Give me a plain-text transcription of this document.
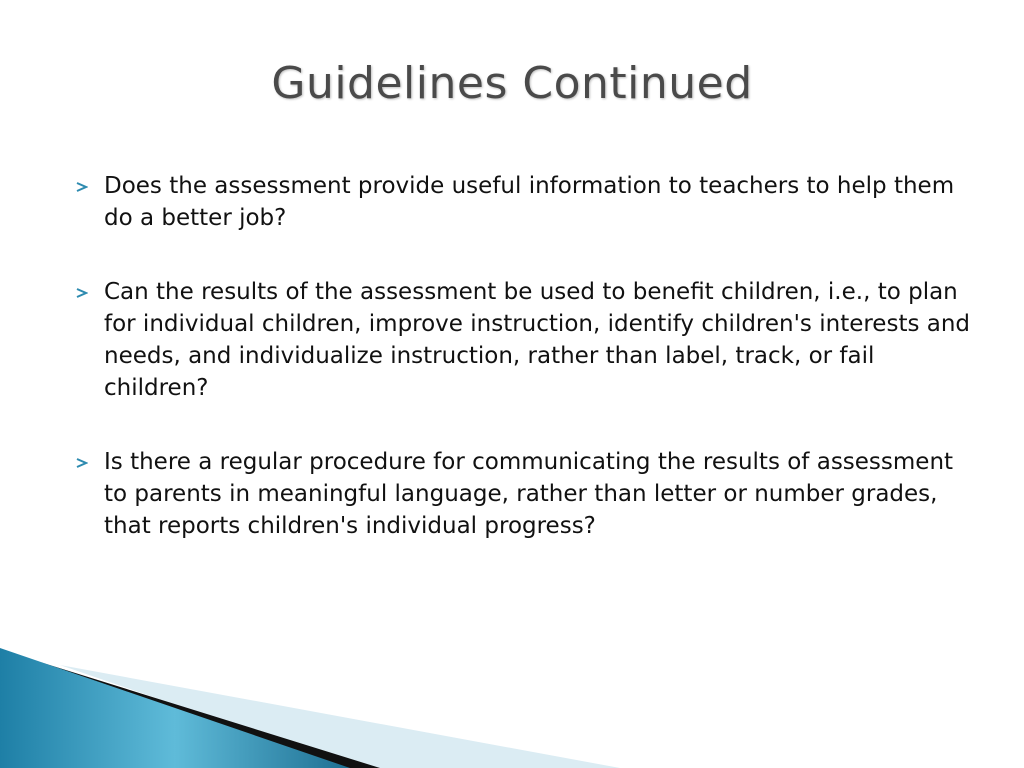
Guidelines Continued
Does the assessment provide useful information to teachers to help them do a better job?
Can the results of the assessment be used to benefit children, i.e., to plan for individual children, improve instruction, identify children's interests and needs, and individualize instruction, rather than label, track, or fail children?
Is there a regular procedure for communicating the results of assessment to parents in meaningful language, rather than letter or number grades, that reports children's individual progress?
